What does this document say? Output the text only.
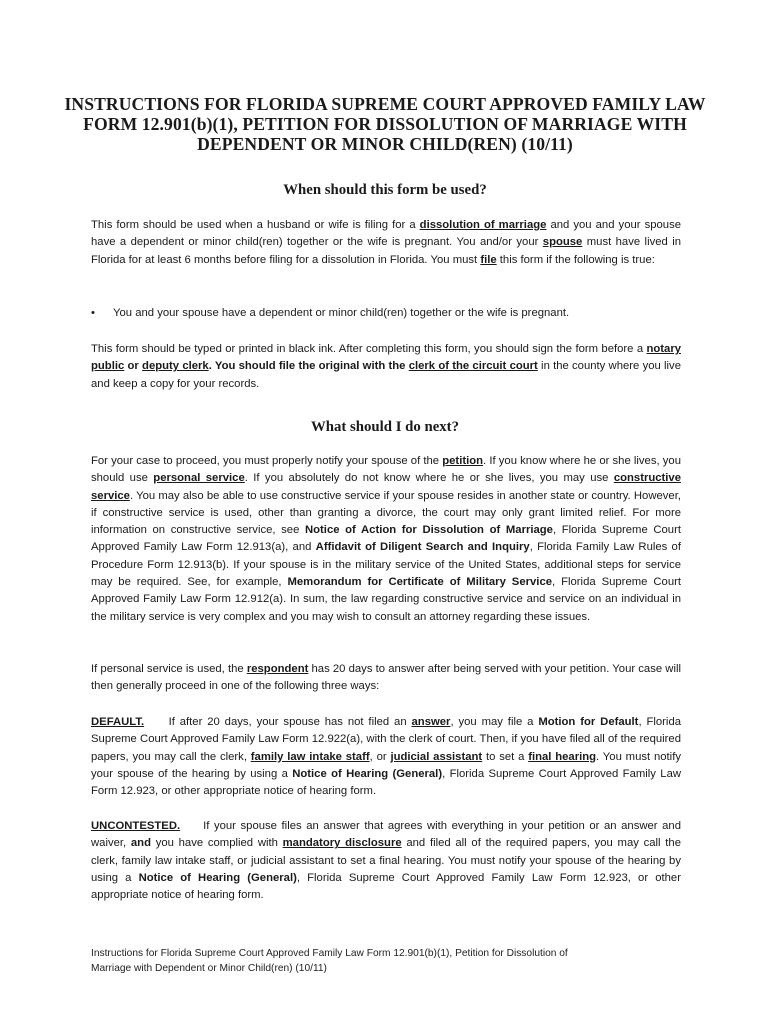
INSTRUCTIONS FOR FLORIDA SUPREME COURT APPROVED FAMILY LAW
FORM 12.901(b)(1), PETITION FOR DISSOLUTION OF MARRIAGE WITH
DEPENDENT OR MINOR CHILD(REN) (10/11)
When should this form be used?
This form should be used when a husband or wife is filing for a dissolution of marriage and you and your spouse have a dependent or minor child(ren) together or the wife is pregnant. You and/or your spouse must have lived in Florida for at least 6 months before filing for a dissolution in Florida. You must file this form if the following is true:
• You and your spouse have a dependent or minor child(ren) together or the wife is pregnant.
This form should be typed or printed in black ink. After completing this form, you should sign the form before a notary public or deputy clerk. You should file the original with the clerk of the circuit court in the county where you live and keep a copy for your records.
What should I do next?
For your case to proceed, you must properly notify your spouse of the petition. If you know where he or she lives, you should use personal service. If you absolutely do not know where he or she lives, you may use constructive service. You may also be able to use constructive service if your spouse resides in another state or country. However, if constructive service is used, other than granting a divorce, the court may only grant limited relief. For more information on constructive service, see Notice of Action for Dissolution of Marriage, Florida Supreme Court Approved Family Law Form 12.913(a), and Affidavit of Diligent Search and Inquiry, Florida Family Law Rules of Procedure Form 12.913(b). If your spouse is in the military service of the United States, additional steps for service may be required. See, for example, Memorandum for Certificate of Military Service, Florida Supreme Court Approved Family Law Form 12.912(a). In sum, the law regarding constructive service and service on an individual in the military service is very complex and you may wish to consult an attorney regarding these issues.
If personal service is used, the respondent has 20 days to answer after being served with your petition. Your case will then generally proceed in one of the following three ways:
DEFAULT.     If after 20 days, your spouse has not filed an answer, you may file a Motion for Default, Florida Supreme Court Approved Family Law Form 12.922(a), with the clerk of court. Then, if you have filed all of the required papers, you may call the clerk, family law intake staff, or judicial assistant to set a final hearing. You must notify your spouse of the hearing by using a Notice of Hearing (General), Florida Supreme Court Approved Family Law Form 12.923, or other appropriate notice of hearing form.
UNCONTESTED.     If your spouse files an answer that agrees with everything in your petition or an answer and waiver, and you have complied with mandatory disclosure and filed all of the required papers, you may call the clerk, family law intake staff, or judicial assistant to set a final hearing. You must notify your spouse of the hearing by using a Notice of Hearing (General), Florida Supreme Court Approved Family Law Form 12.923, or other appropriate notice of hearing form.
Instructions for Florida Supreme Court Approved Family Law Form 12.901(b)(1), Petition for Dissolution of
Marriage with Dependent or Minor Child(ren) (10/11)
